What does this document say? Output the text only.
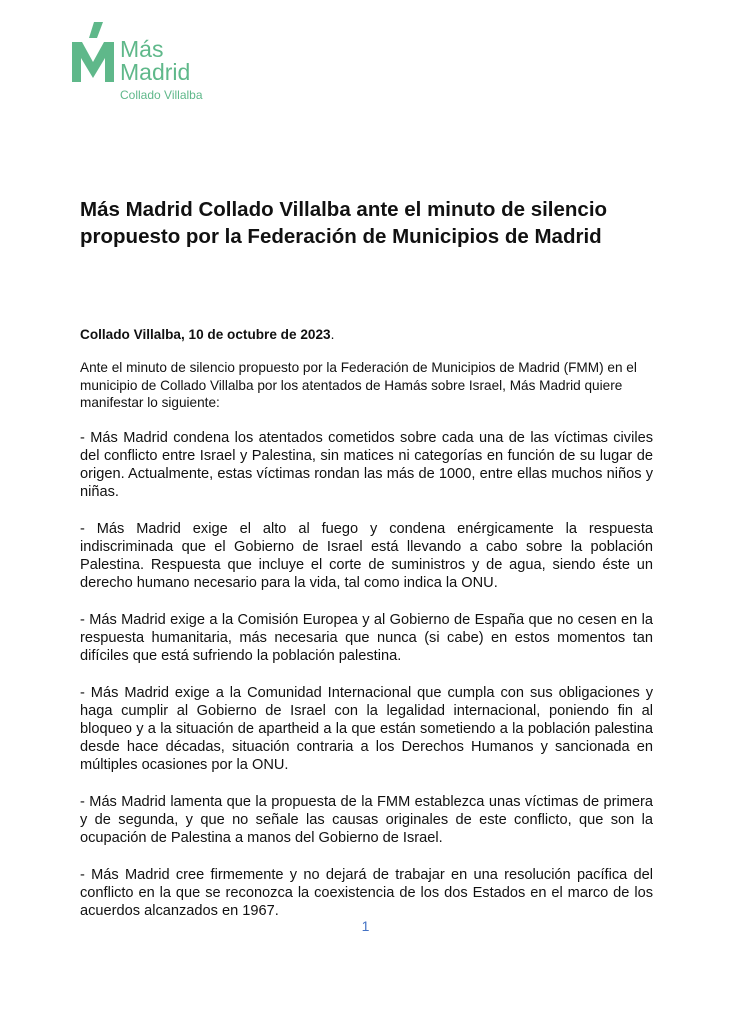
Más
Madrid
Collado Villalba
Más Madrid Collado Villalba ante el minuto de silencio propuesto por la Federación de Municipios de Madrid

Collado Villalba, 10 de octubre de 2023.

Ante el minuto de silencio propuesto por la Federación de Municipios de Madrid (FMM) en el municipio de Collado Villalba por los atentados de Hamás sobre Israel, Más Madrid quiere manifestar lo siguiente:

- Más Madrid condena los atentados cometidos sobre cada una de las víctimas civiles del conflicto entre Israel y Palestina, sin matices ni categorías en función de su lugar de origen. Actualmente, estas víctimas rondan las más de 1000, entre ellas muchos niños y niñas.

- Más Madrid exige el alto al fuego y condena enérgicamente la respuesta indiscriminada que el Gobierno de Israel está llevando a cabo sobre la población Palestina. Respuesta que incluye el corte de suministros y de agua, siendo éste un derecho humano necesario para la vida, tal como indica la ONU.

- Más Madrid exige a la Comisión Europea y al Gobierno de España que no cesen en la respuesta humanitaria, más necesaria que nunca (si cabe) en estos momentos tan difíciles que está sufriendo la población palestina.

- Más Madrid exige a la Comunidad Internacional que cumpla con sus obligaciones y haga cumplir al Gobierno de Israel con la legalidad internacional, poniendo fin al bloqueo y a la situación de apartheid a la que están sometiendo a la población palestina desde hace décadas, situación contraria a los Derechos Humanos y sancionada en múltiples ocasiones por la ONU.

- Más Madrid lamenta que la propuesta de la FMM establezca unas víctimas de primera y de segunda, y que no señale las causas originales de este conflicto, que son la ocupación de Palestina a manos del Gobierno de Israel.

- Más Madrid cree firmemente y no dejará de trabajar en una resolución pacífica del conflicto en la que se reconozca la coexistencia de los dos Estados en el marco de los acuerdos alcanzados en 1967.

1
